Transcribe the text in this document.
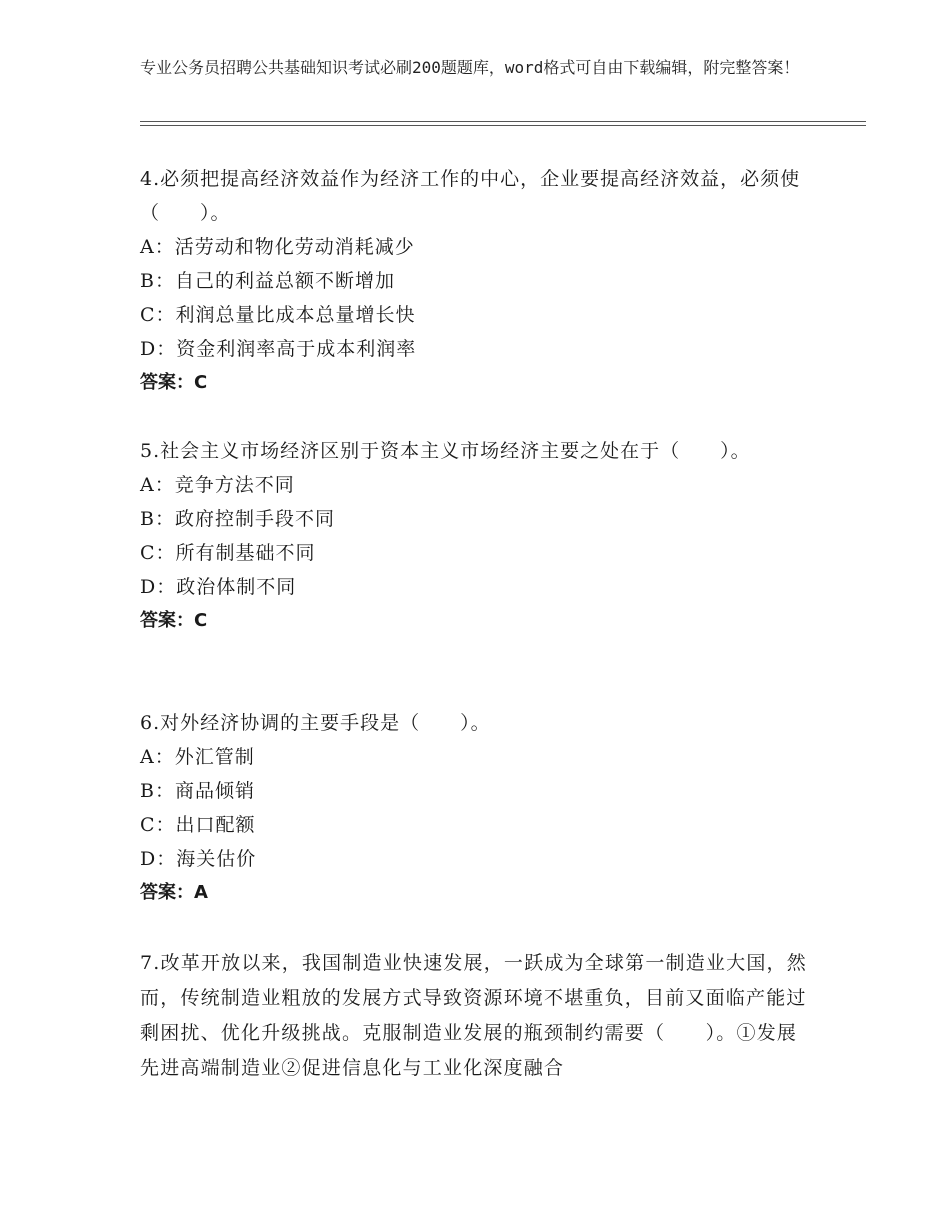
专业公务员招聘公共基础知识考试必刷200题题库，word格式可自由下载编辑，附完整答案！

4.必须把提高经济效益作为经济工作的中心，企业要提高经济效益，必须使（　　）。

A：活劳动和物化劳动消耗减少

B：自己的利益总额不断增加

C：利润总量比成本总量增长快

D：资金利润率高于成本利润率

答案：C

5.社会主义市场经济区别于资本主义市场经济主要之处在于（　　）。

A：竞争方法不同

B：政府控制手段不同

C：所有制基础不同

D：政治体制不同

答案：C

6.对外经济协调的主要手段是（　　）。

A：外汇管制

B：商品倾销

C：出口配额

D：海关估价

答案：A

7.改革开放以来，我国制造业快速发展，一跃成为全球第一制造业大国，然而，传统制造业粗放的发展方式导致资源环境不堪重负，目前又面临产能过剩困扰、优化升级挑战。克服制造业发展的瓶颈制约需要（　　）。①发展先进高端制造业②促进信息化与工业化深度融合
